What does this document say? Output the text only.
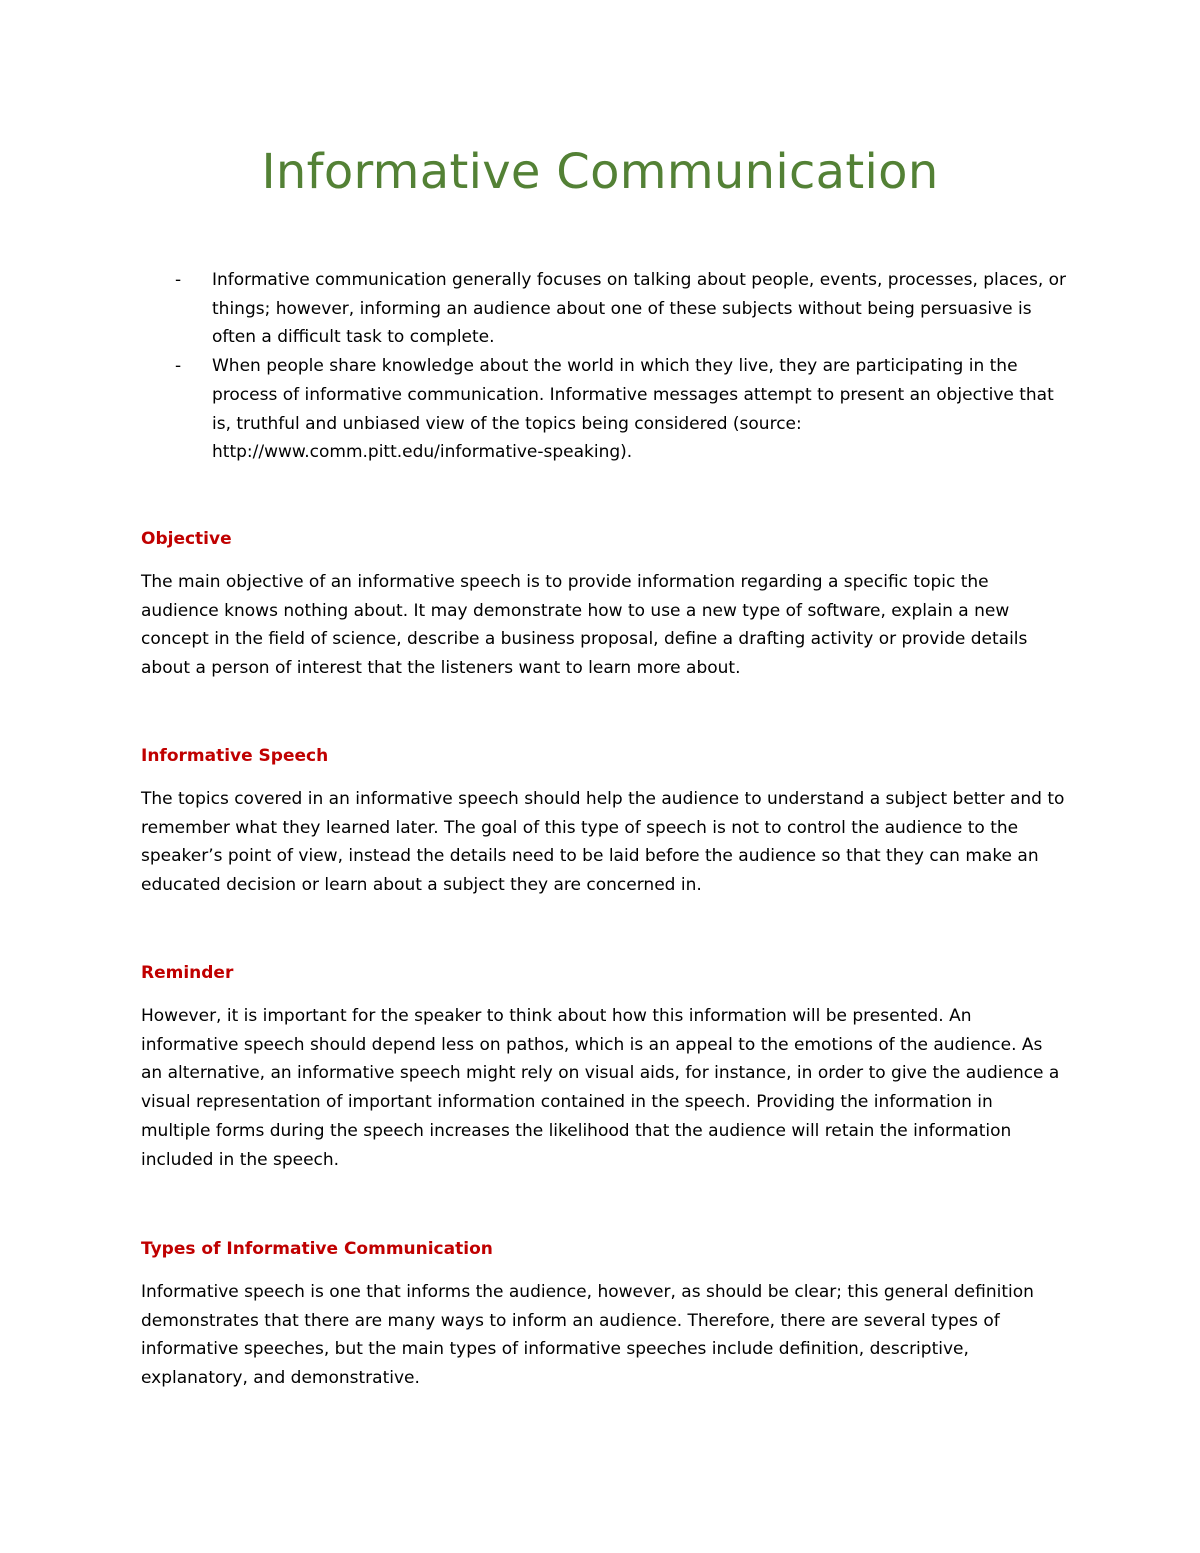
Informative Communication
- Informative communication generally focuses on talking about people, events, processes, places, or things; however, informing an audience about one of these subjects without being persuasive is often a difficult task to complete.
- When people share knowledge about the world in which they live, they are participating in the process of informative communication. Informative messages attempt to present an objective that is, truthful and unbiased view of the topics being considered (source: http://www.comm.pitt.edu/informative-speaking).
Objective

The main objective of an informative speech is to provide information regarding a specific topic the audience knows nothing about. It may demonstrate how to use a new type of software, explain a new concept in the field of science, describe a business proposal, define a drafting activity or provide details about a person of interest that the listeners want to learn more about.

Informative Speech

The topics covered in an informative speech should help the audience to understand a subject better and to remember what they learned later. The goal of this type of speech is not to control the audience to the speaker’s point of view, instead the details need to be laid before the audience so that they can make an educated decision or learn about a subject they are concerned in.

Reminder

However, it is important for the speaker to think about how this information will be presented. An informative speech should depend less on pathos, which is an appeal to the emotions of the audience. As an alternative, an informative speech might rely on visual aids, for instance, in order to give the audience a visual representation of important information contained in the speech. Providing the information in multiple forms during the speech increases the likelihood that the audience will retain the information included in the speech.

Types of Informative Communication

Informative speech is one that informs the audience, however, as should be clear; this general definition demonstrates that there are many ways to inform an audience. Therefore, there are several types of informative speeches, but the main types of informative speeches include definition, descriptive, explanatory, and demonstrative.
